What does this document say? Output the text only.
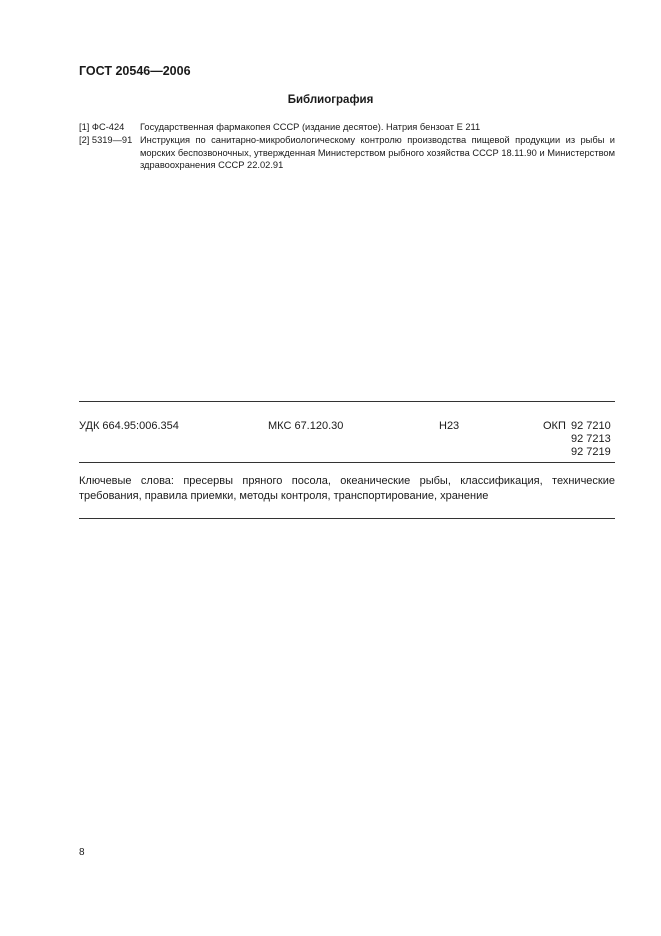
ГОСТ 20546—2006
Библиография
[1] ФС-424 Государственная фармакопея СССР (издание десятое). Натрия бензоат Е 211
[2] 5319—91 Инструкция по санитарно-микробиологическому контролю производства пищевой продукции из рыбы и морских беспозвоночных, утвержденная Министерством рыбного хозяйства СССР 18.11.90 и Министерством здравоохранения СССР 22.02.91
УДК 664.95:006.354	МКС 67.120.30	Н23	ОКП 92 7210
92 7213
92 7219
Ключевые слова: пресервы пряного посола, океанические рыбы, классификация, технические требования, правила приемки, методы контроля, транспортирование, хранение
8
